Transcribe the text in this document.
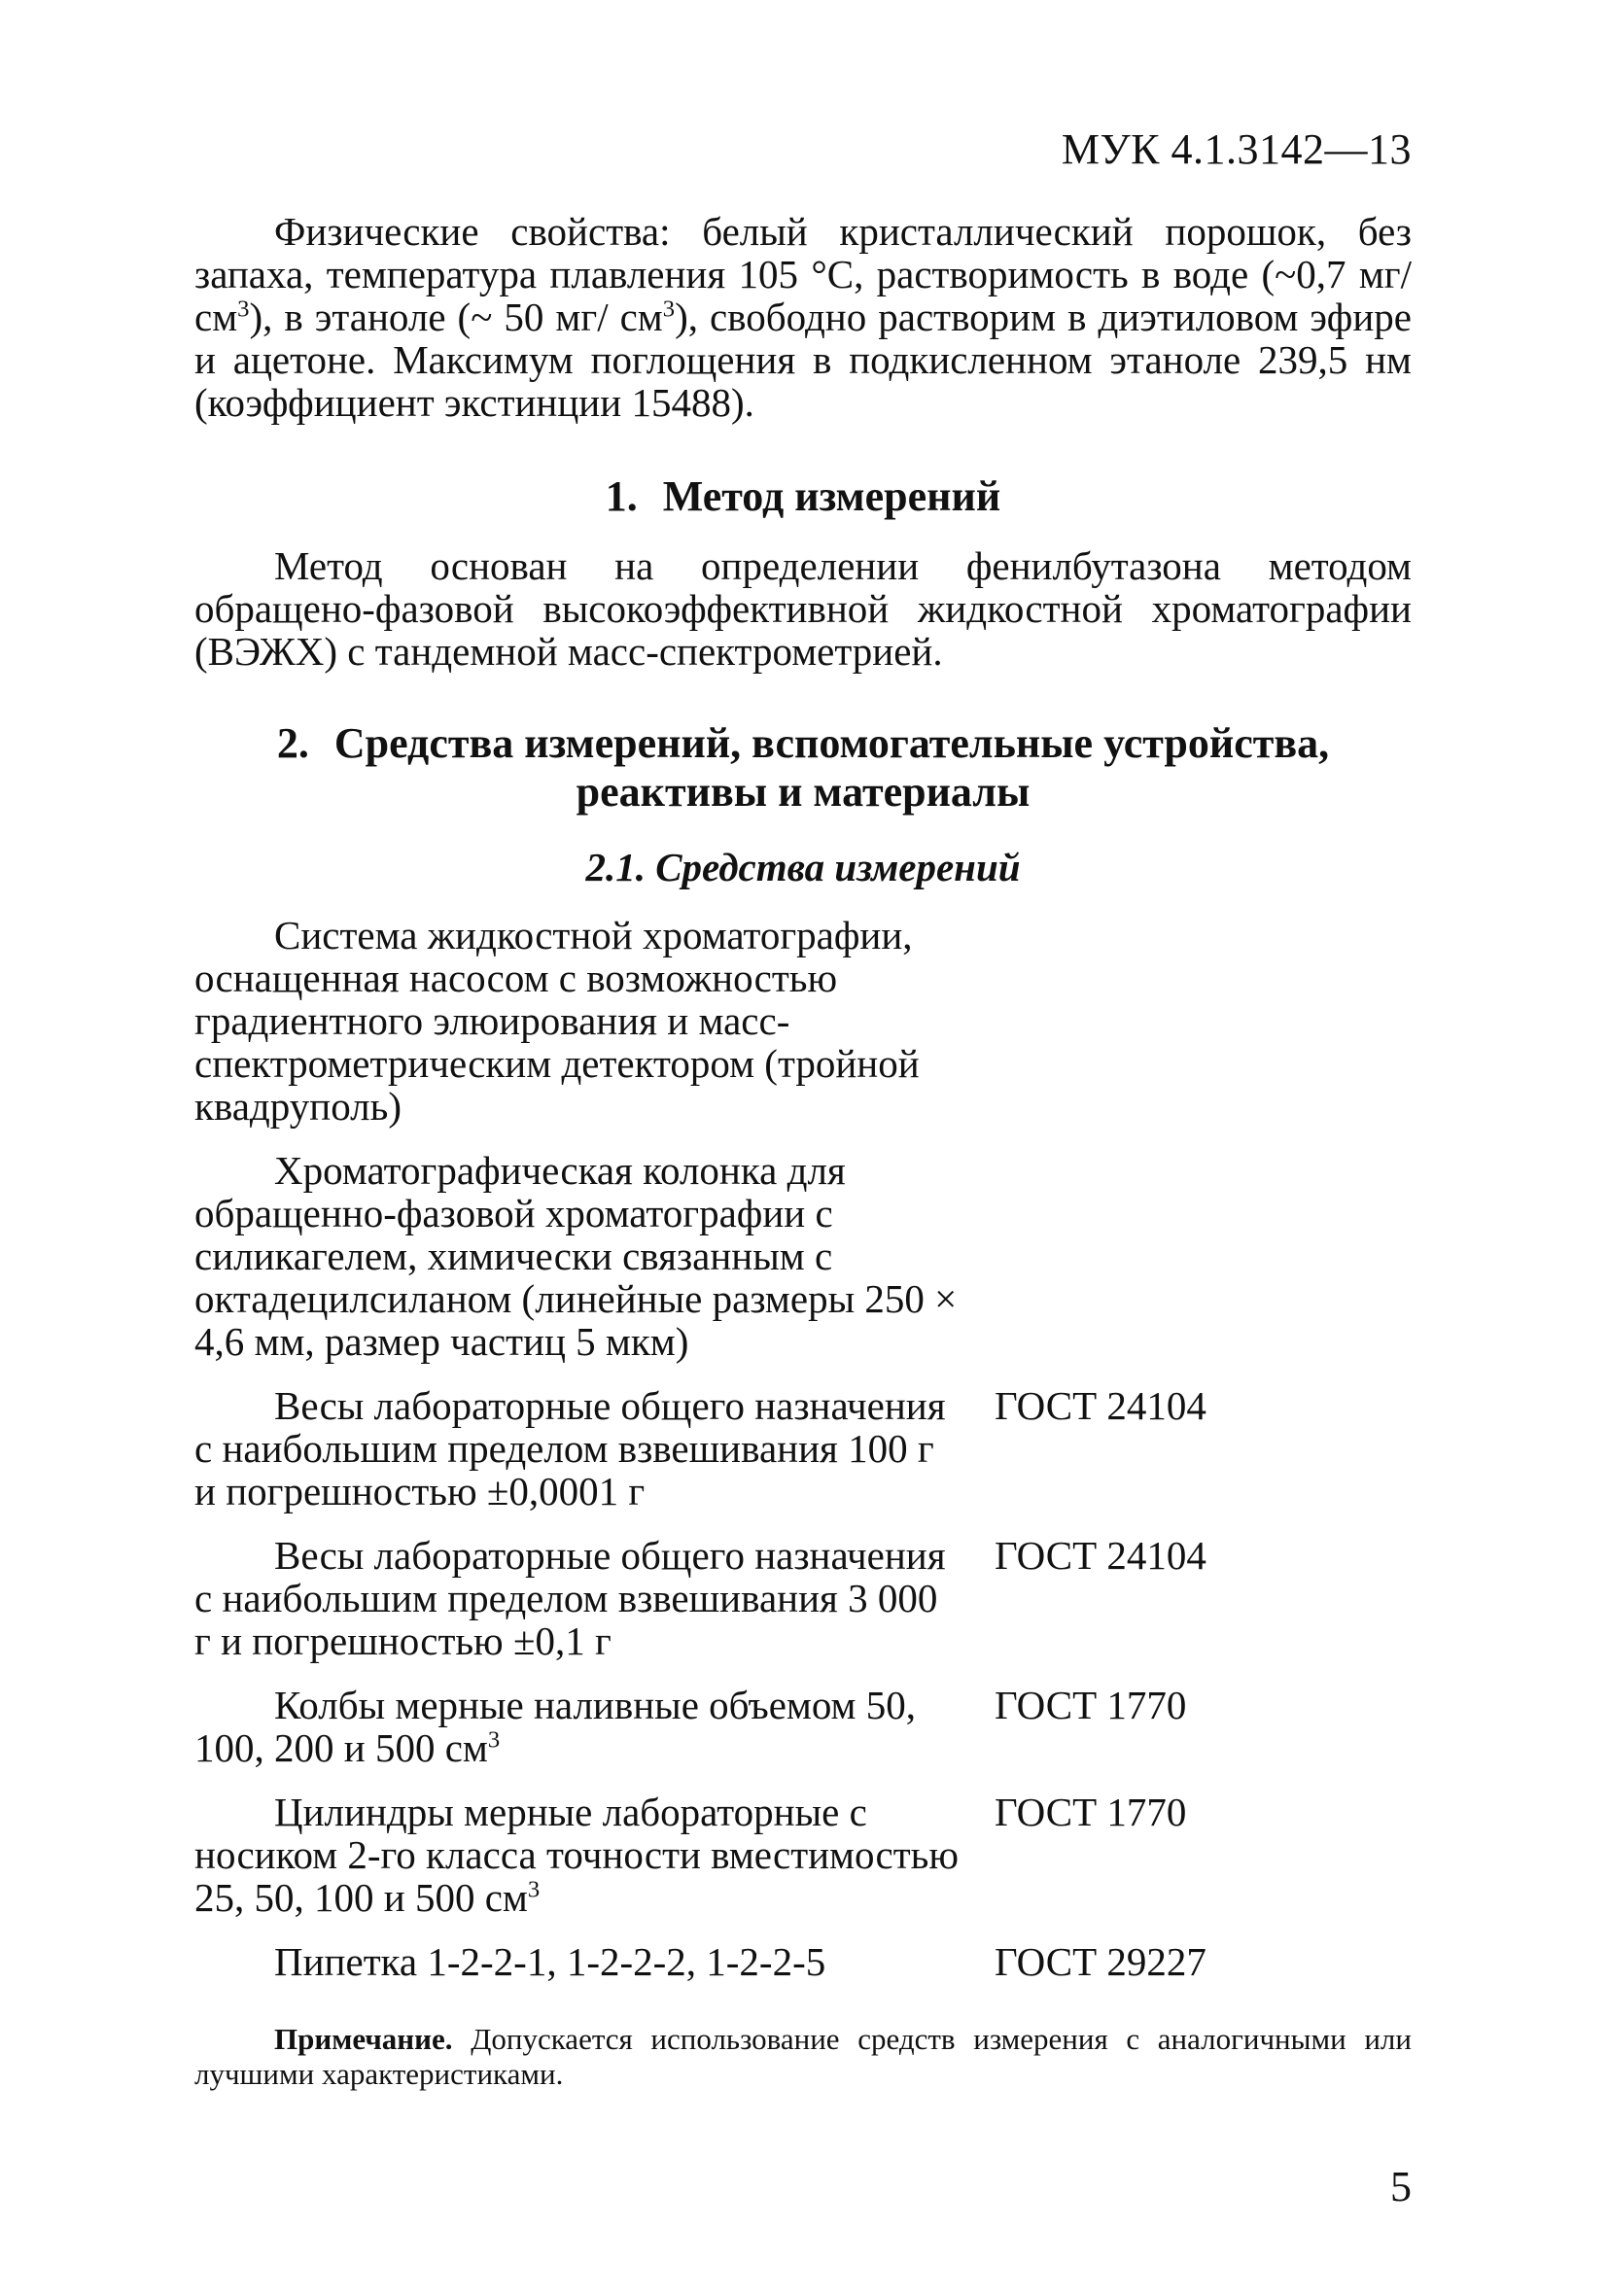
МУК 4.1.3142—13

Физические свойства: белый кристаллический порошок, без запаха, температура плавления 105 °С, растворимость в воде (~0,7 $мг/см^3$), в этаноле (~ 50 мг/ $см^3$), свободно растворим в диэтиловом эфире и ацетоне. Максимум поглощения в подкисленном этаноле 239,5 нм (коэффициент экстинции 15488).

1. Метод измерений

Метод основан на определении фенилбутазона методом обращено-фазовой высокоэффективной жидкостной хроматографии (ВЭЖХ) с тандемной масс-спектрометрией.

2. Средства измерений, вспомогательные устройства,
реактивы и материалы
2.1. Средства измерений
Система жидкостной хроматографии, оснащенная насосом с возможностью градиентного элюирования и масс-спектрометрическим детектором (тройной квадруполь)
Хроматографическая колонка для обращенно-фазовой хроматографии с силикагелем, химически связанным с октадецилсиланом (линейные размеры 250 × 4,6 мм, размер частиц 5 мкм)
Весы лабораторные общего назначения с наибольшим пределом взвешивания 100 г и погрешностью ±0,0001 г
ГОСТ 24104
Весы лабораторные общего назначения с наибольшим пределом взвешивания 3 000 г и погрешностью ±0,1 г
ГОСТ 24104
Колбы мерные наливные объемом 50, 100, 200 и 500 $см^3$
ГОСТ 1770
Цилиндры мерные лабораторные с носиком 2-го класса точности вместимостью 25, 50, 100 и 500 $см^3$
ГОСТ 1770
Пипетка 1-2-2-1, 1-2-2-2, 1-2-2-5	ГОСТ 29227

Примечание. Допускается использование средств измерения с аналогичными или лучшими характеристиками.

5
